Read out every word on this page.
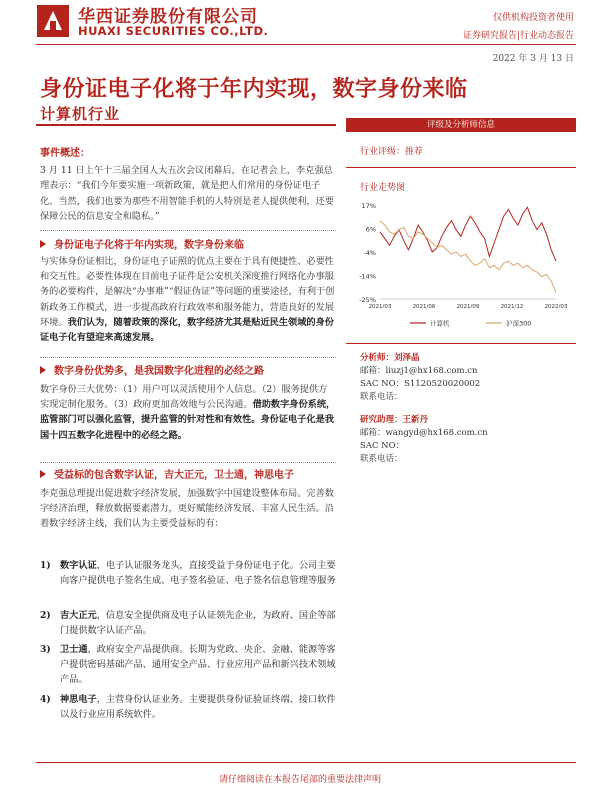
华西证券股份有限公司
HUAXI SECURITIES CO.,LTD.
仅供机构投资者使用
证券研究报告|行业动态报告
2022 年 3 月 13 日
身份证电子化将于年内实现，数字身份来临
计算机行业
事件概述：
3 月 11 日上午十三届全国人大五次会议闭幕后，在记者会上，李克强总理表示：“我们今年要实施一项新政策，就是把人们常用的身份证电子化。当然，我们也要为那些不用智能手机的人特别是老人提供便利，还要保障公民的信息安全和隐私。”
身份证电子化将于年内实现，数字身份来临
与实体身份证相比，身份证电子证照的优点主要在于具有便捷性、必要性和交互性。必要性体现在目前电子证件是公安机关深度推行网络化办事服务的必要构件，是解决“办事难”“假证伪证”等问题的重要途径，有利于创新政务工作模式，进一步提高政府行政效率和服务能力，营造良好的发展环境。我们认为，随着政策的深化，数字经济尤其是贴近民生领域的身份证电子化有望迎来高速发展。
数字身份优势多，是我国数字化进程的必经之路
数字身份三大优势：（1）用户可以灵活使用个人信息。（2）服务提供方实现定制化服务。（3）政府更加高效地与公民沟通。借助数字身份系统，监管部门可以强化监管，提升监管的针对性和有效性。身份证电子化是我国十四五数字化进程中的必经之路。
受益标的包含数字认证，吉大正元，卫士通，神思电子
李克强总理提出促进数字经济发展，加强数字中国建设整体布局。完善数字经济治理，释放数据要素潜力，更好赋能经济发展、丰富人民生活。沿着数字经济主线，我们认为主要受益标的有：
1) 数字认证，电子认证服务龙头，直接受益于身份证电子化。公司主要向客户提供电子签名生成、电子签名验证、电子签名信息管理等服务
2) 吉大正元，信息安全提供商及电子认证领先企业，为政府、国企等部门提供数字认证产品。
3) 卫士通，政府安全产品提供商。长期为党政、央企、金融、能源等客户提供密码基础产品、通用安全产品、行业应用产品和新兴技术领域产品。
4) 神思电子，主营身份认证业务。主要提供身份证验证终端、接口软件以及行业应用系统软件。
评级及分析师信息
行业评级：推荐
行业走势图
17%
6%
-4%
-14%
-25%
2021/03	2021/06	2021/09	2021/12	2022/03
计算机	沪深300
分析师：刘泽晶
邮箱：liuzj1@hx168.com.cn
SAC NO：S1120520020002
联系电话：
研究助理：王新丹
邮箱：wangyd@hx168.com.cn
SAC NO：
联系电话：
请仔细阅读在本报告尾部的重要法律声明
